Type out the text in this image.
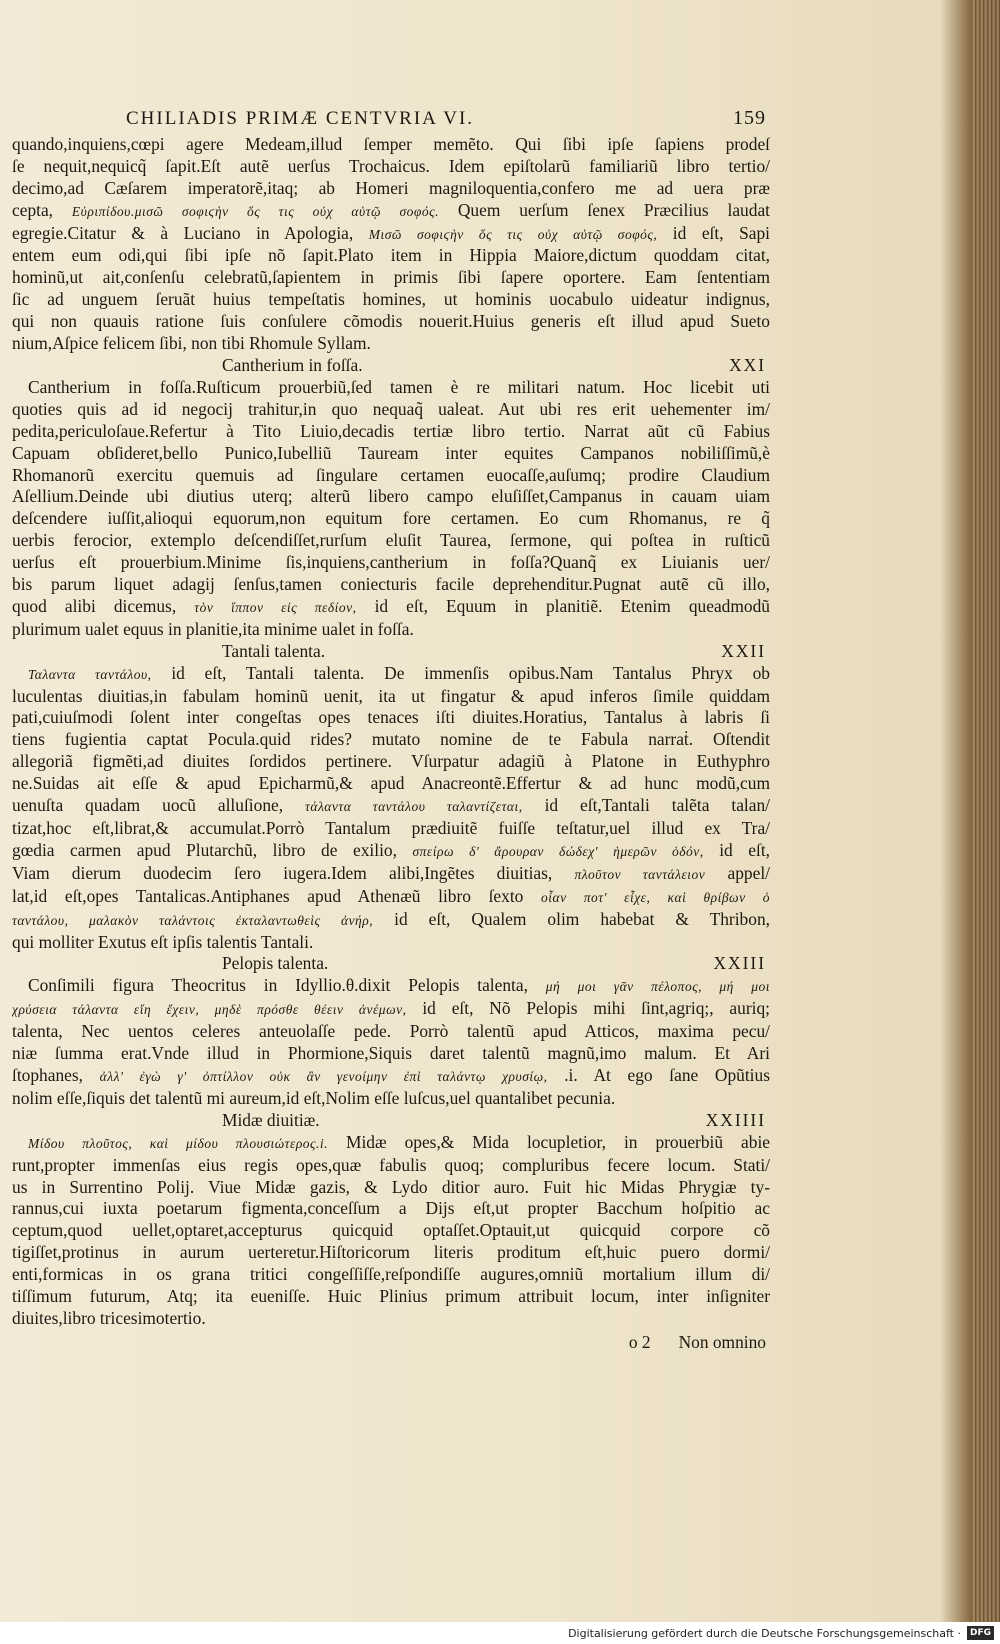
CHILIADIS PRIMÆ CENTVRIA VI.	159
quando,inquiens,cœpi agere Medeam,illud ſemper memẽto. Qui ſibi ipſe ſapiens prodeſ
ſe nequit,nequicq̃ ſapit.Eſt autẽ uerſus Trochaicus. Idem epiſtolarũ familiariũ libro tertio/
decimo,ad Cæſarem imperatorẽ,itaq; ab Homeri magniloquentia,confero me ad uera præ
cepta, Εὐριπίδου.μισῶ σοφιϛὴν ὅς τις οὐχ αὑτῷ σοφός. Quem uerſum ſenex Præcilius laudat
egregie.Citatur & à Luciano in Apologia, Μισῶ σοφιϛὴν ὅς τις οὐχ αὑτῷ σοφός, id eſt, Sapi
entem eum odi,qui ſibi ipſe nõ ſapit.Plato item in Hippia Maiore,dictum quoddam citat,
hominũ,ut ait,conſenſu celebratũ,ſapientem in primis ſibi ſapere oportere. Eam ſententiam
ſic ad unguem ſeruãt huius tempeſtatis homines, ut hominis uocabulo uideatur indignus,
qui non quauis ratione ſuis conſulere cõmodis nouerit.Huius generis eſt illud apud Sueto
nium,Aſpice felicem ſibi, non tibi Rhomule Syllam.
Cantherium in foſſa.	XXI
Cantherium in foſſa.Ruſticum prouerbiũ,ſed tamen è re militari natum. Hoc licebit uti
quoties quis ad id negocij trahitur,in quo nequaq̃ ualeat. Aut ubi res erit uehementer im/
pedita,periculoſaue.Refertur à Tito Liuio,decadis tertiæ libro tertio. Narrat aũt cũ Fabius
Capuam obſideret,bello Punico,Iubelliũ Tauream inter equites Campanos nobiliſſimũ,è
Rhomanorũ exercitu quemuis ad ſingulare certamen euocaſſe,auſumq; prodire Claudium
Aſellium.Deinde ubi diutius uterq; alterũ libero campo eluſiſſet,Campanus in cauam uiam
deſcendere iuſſit,alioqui equorum,non equitum fore certamen. Eo cum Rhomanus, re q̃
uerbis ferocior, extemplo deſcendiſſet,rurſum eluſit Taurea, ſermone, qui poſtea in ruſticũ
uerſus eſt prouerbium.Minime ſis,inquiens,cantherium in foſſa?Quanq̃ ex Liuianis uer/
bis parum liquet adagij ſenſus,tamen coniecturis facile deprehenditur.Pugnat autẽ cũ illo,
quod alibi dicemus, τὸν ἵππον εἰς πεδίον, id eſt, Equum in planitiẽ. Etenim queadmodũ
plurimum ualet equus in planitie,ita minime ualet in foſſa.
Tantali talenta.	XXII
Ταλαντα ταντάλου, id eſt, Tantali talenta. De immenſis opibus.Nam Tantalus Phryx ob
luculentas diuitias,in fabulam hominũ uenit, ita ut fingatur & apud inferos ſimile quiddam
pati,cuiuſmodi ſolent inter congeſtas opes tenaces iſti diuites.Horatius, Tantalus à labris ſi
tiens fugientia captat Pocula.quid rides? mutato nomine de te Fabula narraṫ. Oſtendit
allegoriã figmẽti,ad diuites ſordidos pertinere. Vſurpatur adagiũ à Platone in Euthyphro
ne.Suidas ait eſſe & apud Epicharmũ,& apud Anacreontẽ.Effertur & ad hunc modũ,cum
uenuſta quadam uocũ alluſione, τάλαντα ταντάλου ταλαντίζεται, id eſt,Tantali talẽta talan/
tizat,hoc eſt,librat,& accumulat.Porrò Tantalum prædiuitẽ fuiſſe teſtatur,uel illud ex Tra/
gœdia carmen apud Plutarchũ, libro de exilio, σπείρω δ' ἄρουραν δώδεχ' ἡμερῶν ὁδόν, id eſt,
Viam dierum duodecim ſero iugera.Idem alibi,Ingẽtes diuitias, πλοῦτον ταντάλειον appel/
lat,id eſt,opes Tantalicas.Antiphanes apud Athenæũ libro ſexto οἷαν ποτ' εἶχε, καὶ θρίβων ὁ
ταντάλου, μαλακὸν ταλάντοις ἐκταλαντωθεὶς ἀνήρ, id eſt, Qualem olim habebat & Thribon,
qui molliter Exutus eſt ipſis talentis Tantali.
Pelopis talenta.	XXIII
Conſimili figura Theocritus in Idyllio.θ.dixit Pelopis talenta, μή μοι γᾶν πέλοπος, μή μοι
χρύσεια τάλαντα εἴη ἔχειν, μηδὲ πρόσθε θέειν ἀνέμων, id eſt, Nõ Pelopis mihi ſint,agriq;, auriq;
talenta, Nec uentos celeres anteuolaſſe pede. Porrò talentũ apud Atticos, maxima pecu/
niæ ſumma erat.Vnde illud in Phormione,Siquis daret talentũ magnũ,imo malum. Et Ari
ſtophanes, ἀλλ' ἐγὼ γ' ὀπτίλλον οὐκ ἂν γενοίμην ἐπὶ ταλάντῳ χρυσίῳ, .i. At ego ſane Opũtius
nolim eſſe,ſiquis det talentũ mi aureum,id eſt,Nolim eſſe luſcus,uel quantalibet pecunia.
Midæ diuitiæ.	XXIIII
Μίδου πλοῦτος, καὶ μίδου πλουσιώτερος.i. Midæ opes,& Mida locupletior, in prouerbiũ abie
runt,propter immenſas eius regis opes,quæ fabulis quoq; compluribus fecere locum. Stati/
us in Surrentino Polij. Viue Midæ gazis, & Lydo ditior auro. Fuit hic Midas Phrygiæ ty-
rannus,cui iuxta poetarum figmenta,conceſſum a Dijs eſt,ut propter Bacchum hoſpitio ac
ceptum,quod uellet,optaret,accepturus quicquid optaſſet.Optauit,ut quicquid corpore cõ
tigiſſet,protinus in aurum uerteretur.Hiſtoricorum literis proditum eſt,huic puero dormi/
enti,formicas in os grana tritici congeſſiſſe,reſpondiſſe augures,omniũ mortalium illum di/
tiſſimum futurum, Atq; ita eueniſſe. Huic Plinius primum attribuit locum, inter inſigniter
diuites,libro tricesimotertio.
o 2 Non omnino
Digitalisierung gefördert durch die Deutsche Forschungsgemeinschaft ·	DFG
